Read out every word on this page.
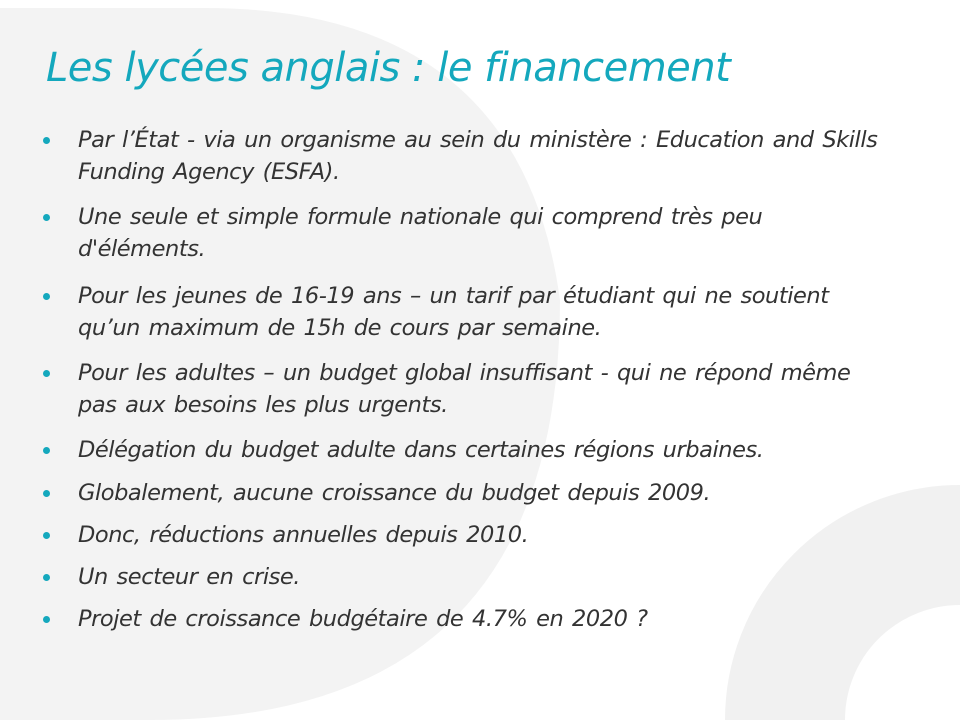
Les lycées anglais : le financement
Par l’État - via un organisme au sein du ministère : Education and Skills Funding Agency (ESFA).
Une seule et simple formule nationale qui comprend très peu d'éléments.
Pour les jeunes de 16-19 ans – un tarif par étudiant qui ne soutient qu’un maximum de 15h de cours par semaine.
Pour les adultes – un budget global insuffisant - qui ne répond même pas aux besoins les plus urgents.
Délégation du budget adulte dans certaines régions urbaines.
Globalement, aucune croissance du budget depuis 2009.
Donc, réductions annuelles depuis 2010.
Un secteur en crise.
Projet de croissance budgétaire de 4.7% en 2020 ?
